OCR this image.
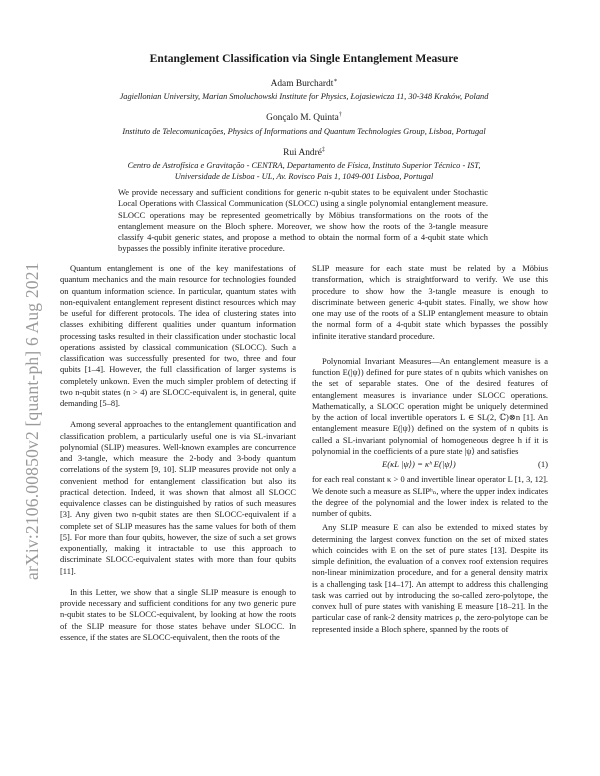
arXiv:2106.00850v2 [quant-ph] 6 Aug 2021
Entanglement Classification via Single Entanglement Measure
Adam Burchardt∗
Jagiellonian University, Marian Smoluchowski Institute for Physics, Łojasiewicza 11, 30-348 Kraków, Poland
Gonçalo M. Quinta†
Instituto de Telecomunicações, Physics of Informations and Quantum Technologies Group, Lisboa, Portugal
Rui André‡
Centro de Astrofísica e Gravitação - CENTRA, Departamento de Física, Instituto Superior Técnico - IST,
Universidade de Lisboa - UL, Av. Rovisco Pais 1, 1049-001 Lisboa, Portugal
We provide necessary and sufficient conditions for generic n-qubit states to be equivalent under Stochastic Local Operations with Classical Communication (SLOCC) using a single polynomial entanglement measure. SLOCC operations may be represented geometrically by Möbius transformations on the roots of the entanglement measure on the Bloch sphere. Moreover, we show how the roots of the 3-tangle measure classify 4-qubit generic states, and propose a method to obtain the normal form of a 4-qubit state which bypasses the possibly infinite iterative procedure.

Quantum entanglement is one of the key manifestations of quantum mechanics and the main resource for technologies founded on quantum information science. In particular, quantum states with non-equivalent entanglement represent distinct resources which may be useful for different protocols. The idea of clustering states into classes exhibiting different qualities under quantum information processing tasks resulted in their classification under stochastic local operations assisted by classical communication (SLOCC). Such a classification was successfully presented for two, three and four qubits [1–4]. However, the full classification of larger systems is completely unkown. Even the much simpler problem of detecting if two n-qubit states (n > 4) are SLOCC-equivalent is, in general, quite demanding [5–8].

Among several approaches to the entanglement quantification and classification problem, a particularly useful one is via SL-invariant polynomial (SLIP) measures. Well-known examples are concurrence and 3-tangle, which measure the 2-body and 3-body quantum correlations of the system [9, 10]. SLIP measures provide not only a convenient method for entanglement classification but also its practical detection. Indeed, it was shown that almost all SLOCC equivalence classes can be distinguished by ratios of such measures [3]. Any given two n-qubit states are then SLOCC-equivalent if a complete set of SLIP measures has the same values for both of them [5]. For more than four qubits, however, the size of such a set grows exponentially, making it intractable to use this approach to discriminate SLOCC-equivalent states with more than four qubits [11].

In this Letter, we show that a single SLIP measure is enough to provide necessary and sufficient conditions for any two generic pure n-qubit states to be SLOCC-equivalent, by looking at how the roots of the SLIP measure for those states behave under SLOCC. In essence, if the states are SLOCC-equivalent, then the roots of the

SLIP measure for each state must be related by a Möbius transformation, which is straightforward to verify. We use this procedure to show how the 3-tangle measure is enough to discriminate between generic 4-qubit states. Finally, we show how one may use of the roots of a SLIP entanglement measure to obtain the normal form of a 4-qubit state which bypasses the possibly infinite iterative standard procedure.

Polynomial Invariant Measures—An entanglement measure is a function E(|ψ⟩) defined for pure states of n qubits which vanishes on the set of separable states. One of the desired features of entanglement measures is invariance under SLOCC operations. Mathematically, a SLOCC operation might be uniquely determined by the action of local invertible operators L ∈ SL(2, ℂ)⊗n [1]. An entanglement measure E(|ψ⟩) defined on the system of n qubits is called a SL-invariant polynomial of homogeneous degree h if it is polynomial in the coefficients of a pure state |ψ⟩ and satisfies

E(κL |ψ⟩) = κʰ E(|ψ⟩)	(1)

for each real constant κ > 0 and invertible linear operator L [1, 3, 12]. We denote such a measure as SLIPʰₙ, where the upper index indicates the degree of the polynomial and the lower index is related to the number of qubits.

Any SLIP measure E can also be extended to mixed states by determining the largest convex function on the set of mixed states which coincides with E on the set of pure states [13]. Despite its simple definition, the evaluation of a convex roof extension requires non-linear minimization procedure, and for a general density matrix is a challenging task [14–17]. An attempt to address this challenging task was carried out by introducing the so-called zero-polytope, the convex hull of pure states with vanishing E measure [18–21]. In the particular case of rank-2 density matrices ρ, the zero-polytope can be represented inside a Bloch sphere, spanned by the roots of
